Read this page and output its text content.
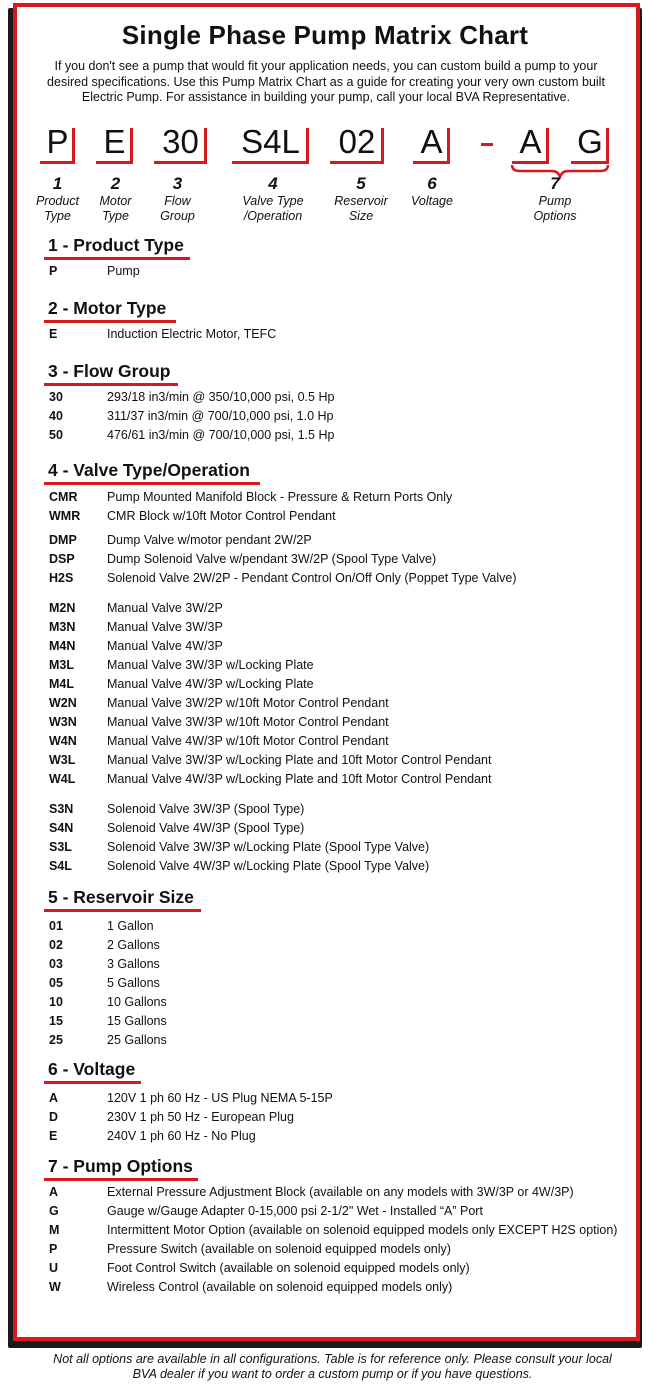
Single Phase Pump Matrix Chart
If you don't see a pump that would fit your application needs, you can custom build a pump to your desired specifications. Use this Pump Matrix Chart as a guide for creating your very own custom built Electric Pump. For assistance in building your pump, call your local BVA Representative.
P E 30 S4L 02 A A G
1
Product
Type
2
Motor
Type
3
Flow
Group
4
Valve Type
/Operation
5
Reservoir
Size
6
Voltage
7
Pump
Options
1 - Product Type
P	Pump
2 - Motor Type
E	Induction Electric Motor, TEFC
3 - Flow Group
30	293/18 in3/min @ 350/10,000 psi, 0.5 Hp
40	311/37 in3/min @ 700/10,000 psi, 1.0 Hp
50	476/61 in3/min @ 700/10,000 psi, 1.5 Hp
4 - Valve Type/Operation
CMR Pump Mounted Manifold Block - Pressure & Return Ports Only
WMR CMR Block w/10ft Motor Control Pendant
DMP Dump Valve w/motor pendant 2W/2P
DSP	Dump Solenoid Valve w/pendant 3W/2P (Spool Type Valve)
H2S	Solenoid Valve 2W/2P - Pendant Control On/Off Only (Poppet Type Valve)
M2N	Manual Valve 3W/2P
M3N	Manual Valve 3W/3P
M4N	Manual Valve 4W/3P
M3L	Manual Valve 3W/3P w/Locking Plate
M4L	Manual Valve 4W/3P w/Locking Plate
W2N Manual Valve 3W/2P w/10ft Motor Control Pendant
W3N Manual Valve 3W/3P w/10ft Motor Control Pendant
W4N Manual Valve 4W/3P w/10ft Motor Control Pendant
W3L	Manual Valve 3W/3P w/Locking Plate and 10ft Motor Control Pendant
W4L	Manual Valve 4W/3P w/Locking Plate and 10ft Motor Control Pendant
S3N	Solenoid Valve 3W/3P (Spool Type)
S4N	Solenoid Valve 4W/3P (Spool Type)
S3L	Solenoid Valve 3W/3P w/Locking Plate (Spool Type Valve)
S4L	Solenoid Valve 4W/3P w/Locking Plate (Spool Type Valve)
5 - Reservoir Size
01	1 Gallon
02	2 Gallons
03	3 Gallons
05	5 Gallons
10	10 Gallons
15	15 Gallons
25	25 Gallons
6 - Voltage
A	120V 1 ph 60 Hz - US Plug NEMA 5-15P
D	230V 1 ph 50 Hz - European Plug
E	240V 1 ph 60 Hz - No Plug
7 - Pump Options
A	External Pressure Adjustment Block (available on any models with 3W/3P or 4W/3P)
G	Gauge w/Gauge Adapter 0-15,000 psi 2-1/2" Wet - Installed “A” Port
M	Intermittent Motor Option (available on solenoid equipped models only EXCEPT H2S option)
P	Pressure Switch (available on solenoid equipped models only)
U	Foot Control Switch (available on solenoid equipped models only)
W	Wireless Control (available on solenoid equipped models only)
Not all options are available in all configurations. Table is for reference only. Please consult your local BVA dealer if you want to order a custom pump or if you have questions.
